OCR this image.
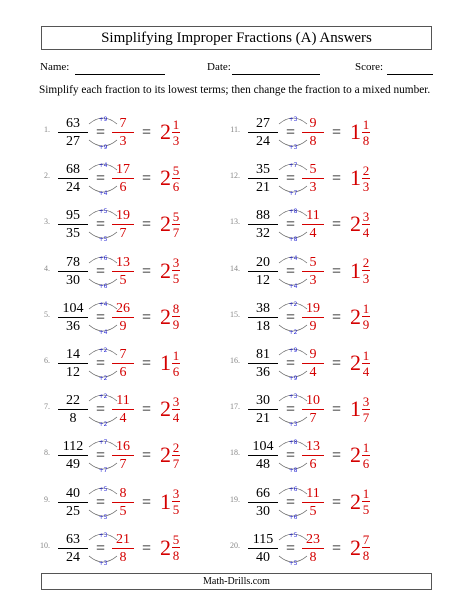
Simplifying Improper Fractions (A) Answers
Name:	Date:	Score:
Simplify each fraction to its lowest terms; then change the fraction to a mixed number.
1. 63
27
+9
+9
=
7
3
= 2 1
3
2. 68
24
+4
+4
=
17
6
= 2 5
6
3. 95
35
+5
+5
=
19
7
= 2 5
7
4. 78
30
+6
+6
=
13
5
= 2 3
5
5. 104
36
+4
+4
=
26
9
= 2 8
9
6. 14
12
+2
+2
=
7
6
= 1 1
6
7. 22
8
+2
+2
=
11
4
= 2 3
4
8. 112
49
+7
+7
=
16
7
= 2 2
7
9. 40
25
+5
+5
=
8
5
= 1 3
5
10. 63
24
+3
+3
=
21
8
= 2 5
8
11. 27
24
+3
+3
=
9
8
= 1 1
8
12. 35
21
+7
+7
=
5
3
= 1 2
3
13. 88
32
+8
+8
=
11
4
= 2 3
4
14. 20
12
+4
+4
=
5
3
= 1 2
3
15. 38
18
+2
+2
=
19
9
= 2 1
9
16. 81
36
+9
+9
=
9
4
= 2 1
4
17. 30
21
+3
+3
=
10
7
= 1 3
7
18. 104
48
+8
+8
=
13
6
= 2 1
6
19. 66
30
+6
+6
=
11
5
= 2 1
5
20. 115
40
+5
+5
=
23
8
= 2 7
8
Math-Drills.com
